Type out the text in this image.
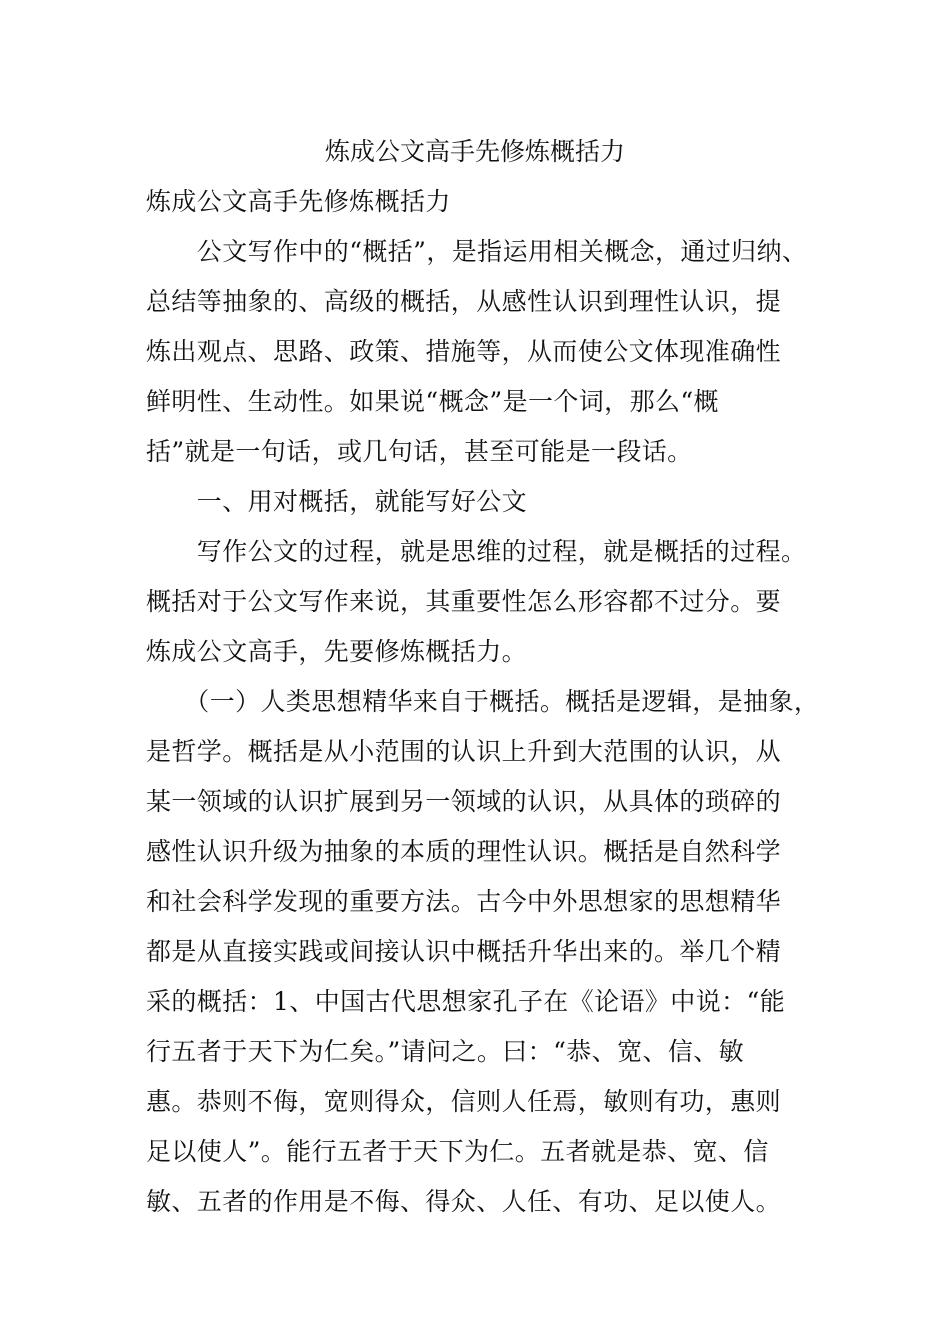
炼成公文高手先修炼概括力
炼成公文高手先修炼概括力
　　公文写作中的“概括”，是指运用相关概念，通过归纳、
总结等抽象的、高级的概括，从感性认识到理性认识，提
炼出观点、思路、政策、措施等，从而使公文体现准确性
鲜明性、生动性。如果说“概念”是一个词，那么“概
括”就是一句话，或几句话，甚至可能是一段话。
　　一、用对概括，就能写好公文
　　写作公文的过程，就是思维的过程，就是概括的过程。
概括对于公文写作来说，其重要性怎么形容都不过分。要
炼成公文高手，先要修炼概括力。
　　（一）人类思想精华来自于概括。概括是逻辑，是抽象，
是哲学。概括是从小范围的认识上升到大范围的认识，从
某一领域的认识扩展到另一领域的认识，从具体的琐碎的
感性认识升级为抽象的本质的理性认识。概括是自然科学
和社会科学发现的重要方法。古今中外思想家的思想精华
都是从直接实践或间接认识中概括升华出来的。举几个精
采的概括：1、中国古代思想家孔子在《论语》中说：“能
行五者于天下为仁矣。”请问之。曰：“恭、宽、信、敏
惠。恭则不侮，宽则得众，信则人任焉，敏则有功，惠则
足以使人”。能行五者于天下为仁。五者就是恭、宽、信
敏、五者的作用是不侮、得众、人任、有功、足以使人。
